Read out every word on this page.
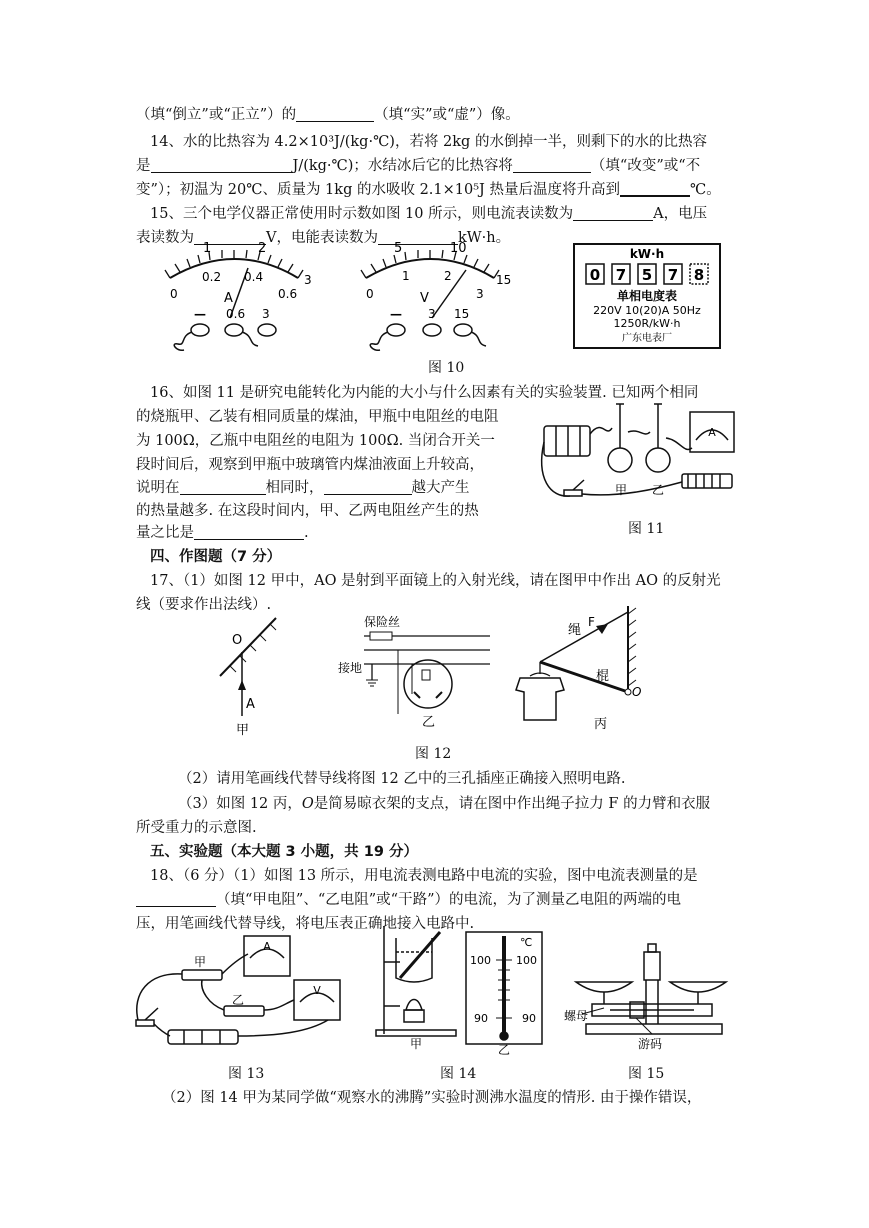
（填“倒立”或“正立”）的	（填“实”或“虚”）像。
14、水的比热容为 4.2×10³J/(kg·℃)，若将 2kg 的水倒掉一半，则剩下的水的比热容
是	J/(kg·℃)；水结冰后它的比热容将	（填“改变”或“不
变”）；初温为 20℃、质量为 1kg 的水吸收 2.1×10⁵J 热量后温度将升高到	℃。
15、三个电学仪器正常使用时示数如图 10 所示，则电流表读数为	A，电压
表读数为	V，电能表读数为	kW·h。
1	2
0.2 0.4
0
3
0.6
A
— 0.6 3
5	10
1	2
0
15
3
V
— 3 15
kW·h
0 7 5 7 8
单相电度表
220V 10(20)A 50Hz
1250R/kW·h
广东电表厂
图 10
16、如图 11 是研究电能转化为内能的大小与什么因素有关的实验装置. 已知两个相同
的烧瓶甲、乙装有相同质量的煤油，甲瓶中电阻丝的电阻
为 100Ω，乙瓶中电阻丝的电阻为 100Ω. 当闭合开关一
段时间后，观察到甲瓶中玻璃管内煤油液面上升较高，
说明在	相同时，	越大产生
的热量越多. 在这段时间内，甲、乙两电阻丝产生的热
量之比是	.
甲 乙
A
图 11
四、作图题（7 分）
17、（1）如图 12 甲中，AO 是射到平面镜上的入射光线，请在图甲中作出 AO 的反射光
线（要求作出法线）.
O
A
甲
保险丝
接地
乙
绳
F
棍
O
丙
图 12
（2）请用笔画线代替导线将图 12 乙中的三孔插座正确接入照明电路.
（3）如图 12 丙，O是简易晾衣架的支点，请在图中作出绳子拉力 F 的力臂和衣服
所受重力的示意图.
五、实验题（本大题 3 小题，共 19 分）
18、（6 分）（1）如图 13 所示，用电流表测电路中电流的实验，图中电流表测量的是
（填“甲电阻”、“乙电阻”或“干路”）的电流，为了测量乙电阻的两端的电
压，用笔画线代替导线，将电压表正确地接入电路中.
A
V
甲
乙
图 13
℃
100 100
90	90
甲	乙
图 14
螺母
游码
图 15
（2）图 14 甲为某同学做“观察水的沸腾”实验时测沸水温度的情形. 由于操作错误，
